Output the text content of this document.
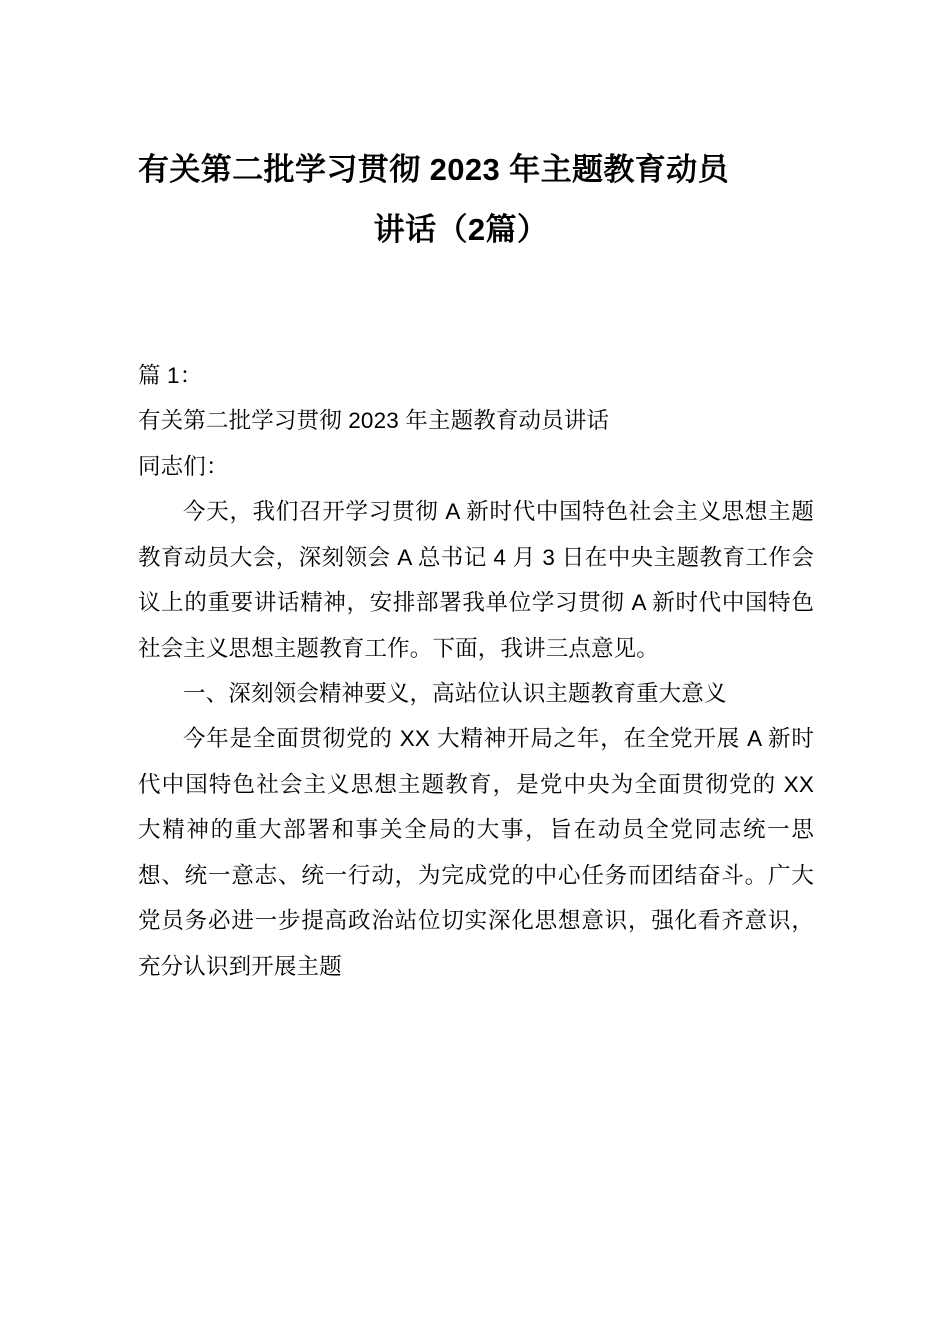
有关第二批学习贯彻 2023 年主题教育动员
讲话（2篇）

篇 1：

有关第二批学习贯彻 2023 年主题教育动员讲话

同志们：

今天，我们召开学习贯彻 A 新时代中国特色社会主义思想主题教育动员大会，深刻领会 A 总书记 4 月 3 日在中央主题教育工作会议上的重要讲话精神，安排部署我单位学习贯彻 A 新时代中国特色社会主义思想主题教育工作。下面，我讲三点意见。

一、深刻领会精神要义，高站位认识主题教育重大意义

今年是全面贯彻党的 XX 大精神开局之年，在全党开展 A 新时代中国特色社会主义思想主题教育，是党中央为全面贯彻党的 XX 大精神的重大部署和事关全局的大事，旨在动员全党同志统一思想、统一意志、统一行动，为完成党的中心任务而团结奋斗。广大党员务必进一步提高政治站位切实深化思想意识，强化看齐意识，充分认识到开展主题
